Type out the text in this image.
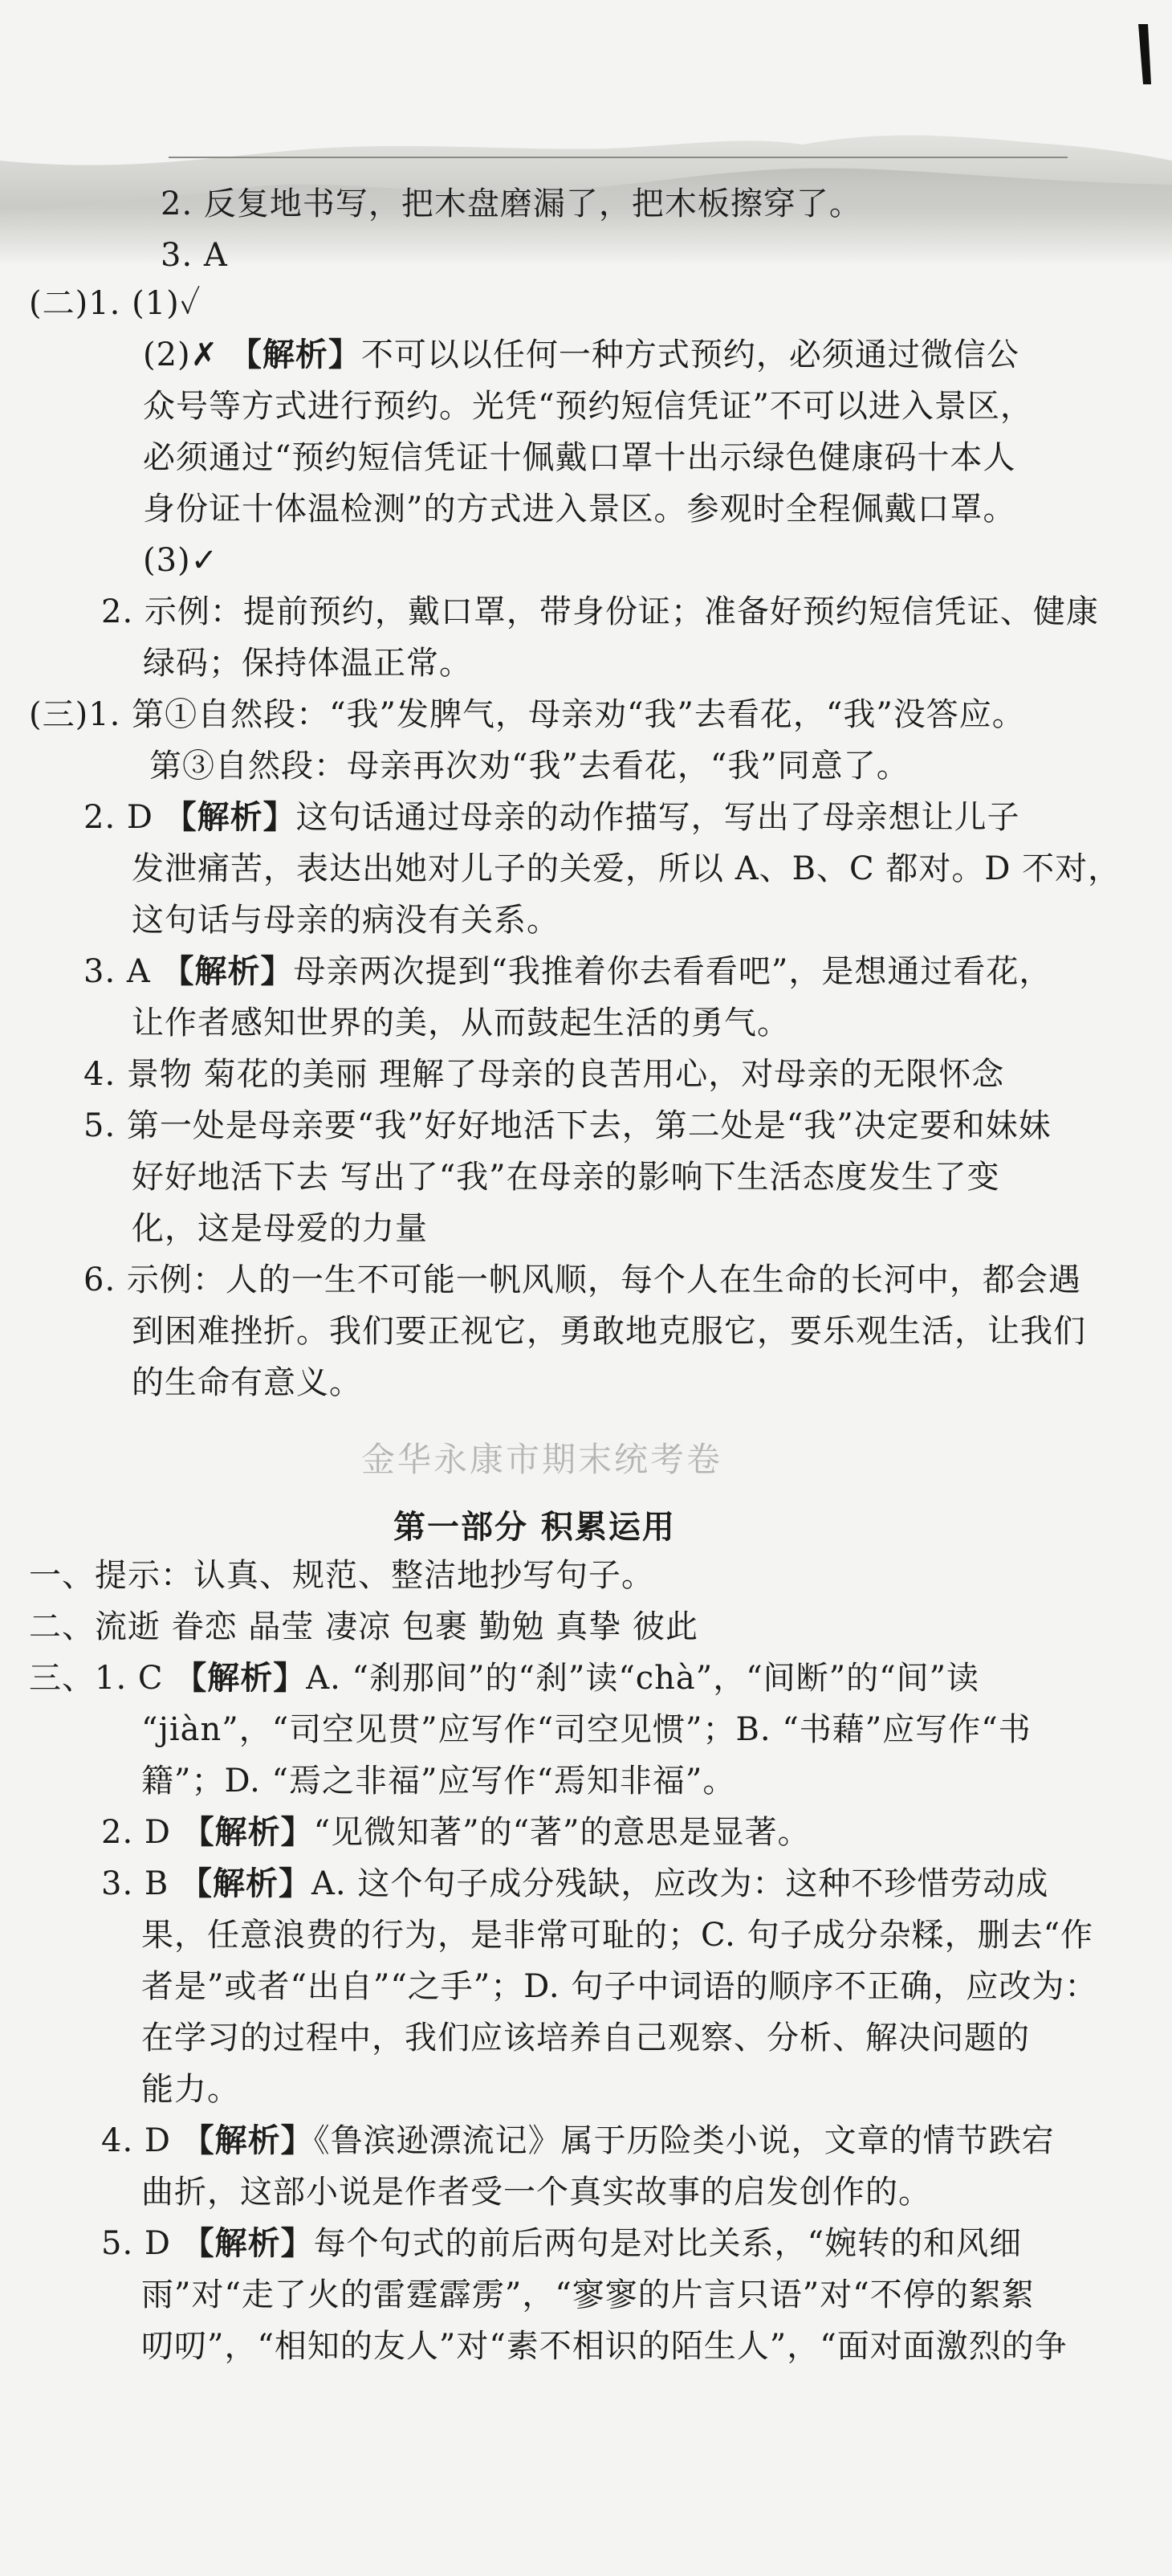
2. 反复地书写，把木盘磨漏了，把木板擦穿了。
3. A
(二)1. (1)✓
(2)✗ 【解析】不可以以任何一种方式预约，必须通过微信公
众号等方式进行预约。光凭“预约短信凭证”不可以进入景区，
必须通过“预约短信凭证十佩戴口罩十出示绿色健康码十本人
身份证十体温检测”的方式进入景区。参观时全程佩戴口罩。
(3)✓
2. 示例：提前预约，戴口罩，带身份证；准备好预约短信凭证、健康
绿码；保持体温正常。
(三)1. 第①自然段：“我”发脾气，母亲劝“我”去看花，“我”没答应。
第③自然段：母亲再次劝“我”去看花，“我”同意了。
2. D 【解析】这句话通过母亲的动作描写，写出了母亲想让儿子
发泄痛苦，表达出她对儿子的关爱，所以 A、B、C 都对。D 不对，
这句话与母亲的病没有关系。
3. A 【解析】母亲两次提到“我推着你去看看吧”，是想通过看花，
让作者感知世界的美，从而鼓起生活的勇气。
4. 景物 菊花的美丽 理解了母亲的良苦用心，对母亲的无限怀念
5. 第一处是母亲要“我”好好地活下去，第二处是“我”决定要和妹妹
好好地活下去 写出了“我”在母亲的影响下生活态度发生了变
化，这是母爱的力量
6. 示例：人的一生不可能一帆风顺，每个人在生命的长河中，都会遇
到困难挫折。我们要正视它，勇敢地克服它，要乐观生活，让我们
的生命有意义。
金华永康市期末统考卷
第一部分 积累运用
一、提示：认真、规范、整洁地抄写句子。
二、流逝 眷恋 晶莹 凄凉 包裹 勤勉 真挚 彼此
三、1. C 【解析】A. “刹那间”的“刹”读“chà”，“间断”的“间”读
“jiàn”，“司空见贯”应写作“司空见惯”；B. “书藉”应写作“书
籍”；D. “焉之非福”应写作“焉知非福”。
2. D 【解析】“见微知著”的“著”的意思是显著。
3. B 【解析】A. 这个句子成分残缺，应改为：这种不珍惜劳动成
果，任意浪费的行为，是非常可耻的；C. 句子成分杂糅，删去“作
者是”或者“出自”“之手”；D. 句子中词语的顺序不正确，应改为：
在学习的过程中，我们应该培养自己观察、分析、解决问题的
能力。
4. D 【解析】《鲁滨逊漂流记》属于历险类小说，文章的情节跌宕
曲折，这部小说是作者受一个真实故事的启发创作的。
5. D 【解析】每个句式的前后两句是对比关系，“婉转的和风细
雨”对“走了火的雷霆霹雳”，“寥寥的片言只语”对“不停的絮絮
叨叨”，“相知的友人”对“素不相识的陌生人”，“面对面激烈的争
